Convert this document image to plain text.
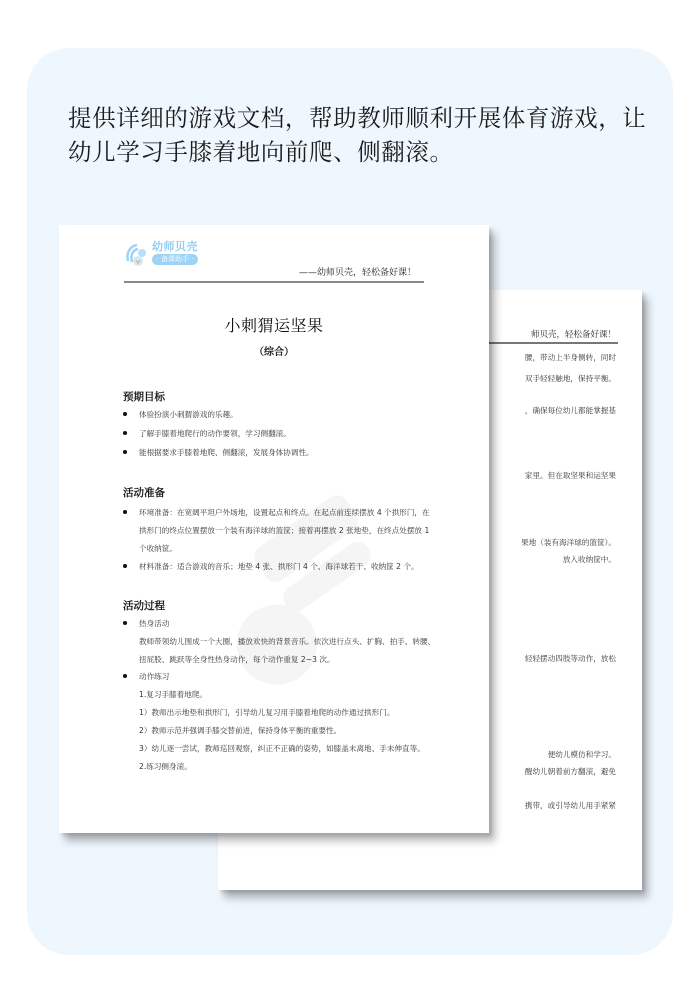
提供详细的游戏文档，帮助教师顺利开展体育游戏，让
幼儿学习手膝着地向前爬、侧翻滚。
师贝壳，轻松备好课！
腰，带动上半身侧转，同时
双手轻轻触地，保持平衡。
，确保每位幼儿都能掌握基
家里。但在取坚果和运坚果
果地（装有海洋球的篮筐）。
放入收纳筐中。
轻轻摆动四肢等动作，放松
便幼儿模仿和学习。
醒幼儿朝着前方翻滚，避免
携带，或引导幼儿用手紧紧
幼师贝壳
· 备课助手 ·
——幼师贝壳，轻松备好课！
小刺猬运坚果
（综合）
预期目标
体验扮演小刺猬游戏的乐趣。
了解手膝着地爬行的动作要领，学习侧翻滚。
能根据要求手膝着地爬、侧翻滚，发展身体协调性。
活动准备
环境准备：在宽阔平坦户外场地，设置起点和终点。在起点前连续摆放 4 个拱形门，在
拱形门的终点位置摆放一个装有海洋球的篮筐；接着再摆放 2 张地垫，在终点处摆放 1
个收纳筐。
材料准备：适合游戏的音乐；地垫 4 张、拱形门 4 个、海洋球若干、收纳筐 2 个。
活动过程
热身活动
教师带领幼儿围成一个大圈，播放欢快的背景音乐。依次进行点头、扩胸、拍手、转腰、
扭屁股、跳跃等全身性热身动作，每个动作重复 2~3 次。
动作练习
1.复习手膝着地爬。
1）教师出示地垫和拱形门，引导幼儿复习用手膝着地爬的动作通过拱形门。
2）教师示范并强调手膝交替前进，保持身体平衡的重要性。
3）幼儿逐一尝试，教师巡回观察，纠正不正确的姿势，如膝盖未离地、手未伸直等。
2.练习侧身滚。
